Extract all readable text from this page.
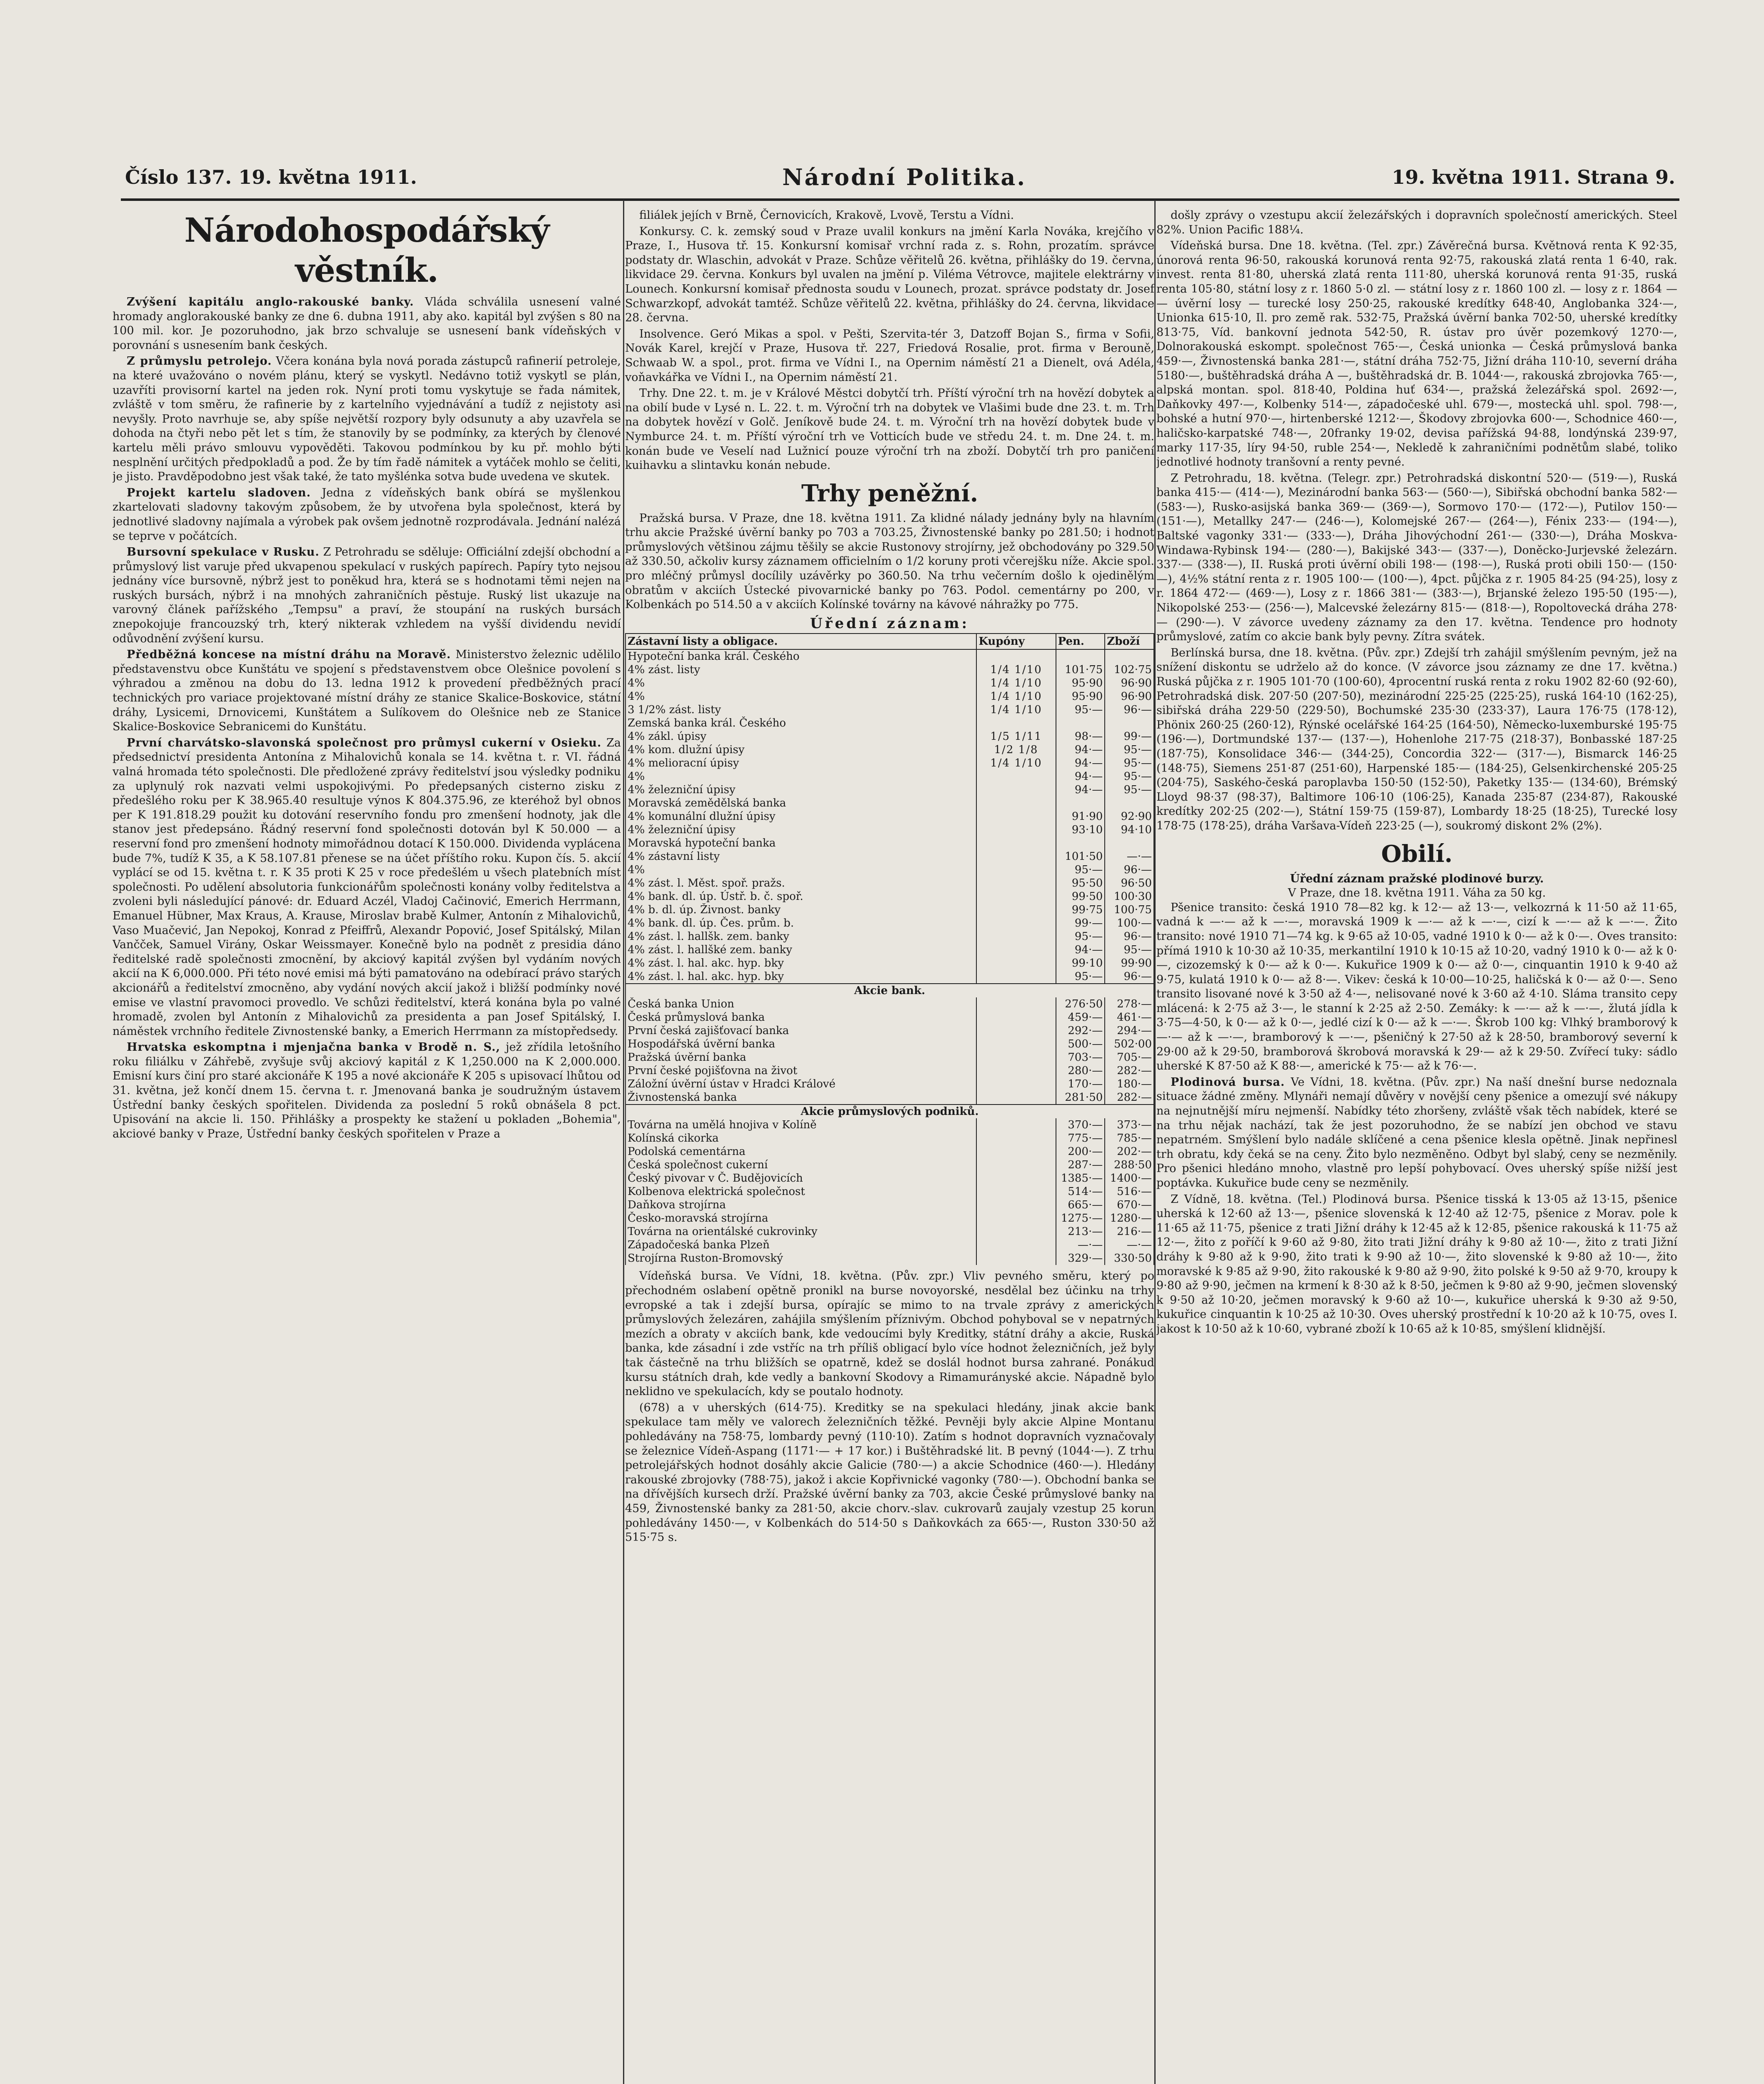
Číslo 137. 19. května 1911.	Národní Politika.	19. května 1911. Strana 9.
Národohospodářský věstník.

Zvýšení kapitálu anglo-rakouské banky. Vláda schválila usnesení valné hromady anglorakouské banky ze dne 6. dubna 1911, aby ako. kapitál byl zvýšen s 80 na 100 mil. kor. Je pozoruhodno, jak brzo schvaluje se usnesení bank vídeňských v porovnání s usnesením bank českých.

Z průmyslu petrolejo. Včera konána byla nová porada zástupců rafinerií petroleje, na které uvažováno o novém plánu, který se vyskytl. Nedávno totiž vyskytl se plán, uzavříti provisorní kartel na jeden rok. Nyní proti tomu vyskytuje se řada námitek, zvláště v tom směru, že rafinerie by z kartelního vyjednávání a tudíž z nejistoty asi nevyšly. Proto navrhuje se, aby spíše největší rozpory byly odsunuty a aby uzavřela se dohoda na čtyři nebo pět let s tím, že stanovily by se podmínky, za kterých by členové kartelu měli právo smlouvu vypověděti. Takovou podmínkou by ku př. mohlo býti nesplnění určitých předpokladů a pod. Že by tím řadě námitek a vytáček mohlo se čeliti, je jisto. Pravděpodobno jest však také, že tato myšlénka sotva bude uvedena ve skutek.

Projekt kartelu sladoven. Jedna z vídeňských bank obírá se myšlenkou zkartelovati sladovny takovým způsobem, že by utvořena byla společnost, která by jednotlivé sladovny najímala a výrobek pak ovšem jednotně rozprodávala. Jednání nalézá se teprve v počátcích.

Bursovní spekulace v Rusku. Z Petrohradu se sděluje: Officiální zdejší obchodní a průmyslový list varuje před ukvapenou spekulací v ruských papírech. Papíry tyto nejsou jednány více bursovně, nýbrž jest to poněkud hra, která se s hodnotami těmi nejen na ruských bursách, nýbrž i na mnohých zahraničních pěstuje. Ruský list ukazuje na varovný článek pařížského „Tempsu" a praví, že stoupání na ruských bursách znepokojuje francouzský trh, který nikterak vzhledem na vyšší dividendu nevidí odůvodnění zvýšení kursu.

Předběžná koncese na místní dráhu na Moravě. Ministerstvo železnic udělilo představenstvu obce Kunštátu ve spojení s představenstvem obce Olešnice povolení s výhradou a změnou na dobu do 13. ledna 1912 k provedení předběžných prací technických pro variace projektované místní dráhy ze stanice Skalice-Boskovice, státní dráhy, Lysicemi, Drnovicemi, Kunštátem a Sulíkovem do Olešnice neb ze Stanice Skalice-Boskovice Sebranicemi do Kunštátu.

První charvátsko-slavonská společnost pro průmysl cukerní v Osieku. Za předsednictví presidenta Antonína z Mihalovichů konala se 14. května t. r. VI. řádná valná hromada této společnosti. Dle předložené zprávy ředitelství jsou výsledky podniku za uplynulý rok nazvati velmi uspokojivými. Po předepsaných cisterno zisku z předešlého roku per K 38.965.40 resultuje výnos K 804.375.96, ze kteréhož byl obnos per K 191.818.29 použit ku dotování reservního fondu pro zmenšení hodnoty, jak dle stanov jest předepsáno. Řádný reservní fond společnosti dotován byl K 50.000 — a reservní fond pro zmenšení hodnoty mimořádnou dotací K 150.000. Dividenda vyplácena bude 7%, tudíž K 35, a K 58.107.81 přenese se na účet příštího roku. Kupon čís. 5. akcií vyplácí se od 15. května t. r. K 35 proti K 25 v roce předešlém u všech platebních míst společnosti. Po udělení absolutoria funkcionářům společnosti konány volby ředitelstva a zvoleni byli následující pánové: dr. Eduard Aczél, Vladoj Cačinović, Emerich Herrmann, Emanuel Hübner, Max Kraus, A. Krause, Miroslav brabě Kulmer, Antonín z Mihalovichů, Vaso Muačević, Jan Nepokoj, Konrad z Pfeiffrů, Alexandr Popović, Josef Spitálský, Milan Vančček, Samuel Virány, Oskar Weissmayer. Konečně bylo na podnět z presidia dáno ředitelské radě společnosti zmocnění, by akciový kapitál zvýšen byl vydáním nových akcií na K 6,000.000. Při této nové emisi má býti pamatováno na odebírací právo starých akcionářů a ředitelství zmocněno, aby vydání nových akcií jakož i bližší podmínky nové emise ve vlastní pravomoci provedlo. Ve schůzi ředitelství, která konána byla po valné hromadě, zvolen byl Antonín z Mihalovichů za presidenta a pan Josef Spitálský, I. náměstek vrchního ředitele Zivnostenské banky, a Emerich Herrmann za místopředsedy.

Hrvatska eskomptna i mjenjačna banka v Brodě n. S., jež zřídila letošního roku filiálku v Záhřebě, zvyšuje svůj akciový kapitál z K 1,250.000 na K 2,000.000. Emisní kurs činí pro staré akcionáře K 195 a nové akcionáře K 205 s upisovací lhůtou od 31. května, jež končí dnem 15. června t. r. Jmenovaná banka je soudružným ústavem Ústřední banky českých spořitelen. Dividenda za poslední 5 roků obnášela 8 pct. Upisování na akcie li. 150. Přihlášky a prospekty ke stažení u pokladen „Bohemia", akciové banky v Praze, Ústřední banky českých spořitelen v Praze a

filiálek jejích v Brně, Černovicích, Krakově, Lvově, Terstu a Vídni.

Konkursy. C. k. zemský soud v Praze uvalil konkurs na jmění Karla Nováka, krejčího v Praze, I., Husova tř. 15. Konkursní komisař vrchní rada z. s. Rohn, prozatím. správce podstaty dr. Wlaschin, advokát v Praze. Schůze věřitelů 26. května, přihlášky do 19. června, likvidace 29. června. Konkurs byl uvalen na jmění p. Viléma Vétrovce, majitele elektrárny v Lounech. Konkursní komisař přednosta soudu v Lounech, prozat. správce podstaty dr. Josef Schwarzkopf, advokát tamtéž. Schůze věřitelů 22. května, přihlášky do 24. června, likvidace 28. června.

Insolvence. Geró Mikas a spol. v Pešti, Szervita-tér 3, Datzoff Bojan S., firma v Sofii, Novák Karel, krejčí v Praze, Husova tř. 227, Friedová Rosalie, prot. firma v Berouně, Schwaab W. a spol., prot. firma ve Vídni I., na Opernim náměstí 21 a Dienelt, ová Adéla, voňavkářka ve Vídni I., na Opernim náměstí 21.

Trhy. Dne 22. t. m. je v Králové Městci dobytčí trh. Příští výroční trh na hovězí dobytek a na obilí bude v Lysé n. L. 22. t. m. Výroční trh na dobytek ve Vlašimi bude dne 23. t. m. Trh na dobytek hovězí v Golč. Jeníkově bude 24. t. m. Výroční trh na hovězí dobytek bude v Nymburce 24. t. m. Příští výroční trh ve Votticích bude ve středu 24. t. m. Dne 24. t. m. konán bude ve Veselí nad Lužnicí pouze výroční trh na zboží. Dobytčí trh pro paničení kuihavku a slintavku konán nebude.

Trhy peněžní.

Pražská bursa. V Praze, dne 18. května 1911. Za klidné nálady jednány byly na hlavním trhu akcie Pražské úvěrní banky po 703 a 703.25, Živnostenské banky po 281.50; i hodnot průmyslových většinou zájmu těšily se akcie Rustonovy strojírny, jež obchodovány po 329.50 až 330.50, ačkoliv kursy záznamem officielním o 1/2 koruny proti včerejšku níže. Akcie spol. pro mléčný průmysl docílily uzávěrky po 360.50. Na trhu večerním došlo k ojedinělým obratům v akciích Ústecké pivovarnické banky po 763. Podol. cementárny po 200, v Kolbenkách po 514.50 a v akciích Kolínské továrny na kávové náhražky po 775.

Úřední záznam:
Zástavní listy a obligace.	Kupóny	Pen.	Zboží
Hypoteční banka král. Českého			
4% zást. listy	1/4 1/10	101·75	102·75
4%	1/4 1/10	95·90	96·90
4%	1/4 1/10	95·90	96·90
3 1/2% zást. listy	1/4 1/10	95·—	96·—
Zemská banka král. Českého			
4% zákl. úpisy	1/5 1/11	98·—	99·—
4% kom. dlužní úpisy	1/2 1/8	94·—	95·—
4% melioracní úpisy	1/4 1/10	94·—	95·—
4%		94·—	95·—
4% železniční úpisy		94·—	95·—
Moravská zemědělská banka			
4% komunální dlužní úpisy		91·90	92·90
4% železniční úpisy		93·10	94·10
Moravská hypoteční banka			
4% zástavní listy		101·50	—·—
4%		95·—	96·—
4% zást. l. Měst. spoř. pražs.		95·50	96·50
4% bank. dl. úp. Ústř. b. č. spoř.		99·50	100·30
4% b. dl. úp. Živnost. banky		99·75	100·75
4% bank. dl. úp. Čes. prům. b.		99·—	100·—
4% zást. l. hallšk. zem. banky		95·—	96·—
4% zást. l. hallšké zem. banky		94·—	95·—
4% zást. l. hal. akc. hyp. bky		99·10	99·90
4% zást. l. hal. akc. hyp. bky		95·—	96·—
Akcie bank.			
Česká banka Union		276·50	278·—
Česká průmyslová banka		459·—	461·—
První česká zajišťovací banka		292·—	294·—
Hospodářská úvěrní banka		500·—	502·00
Pražská úvěrní banka		703·—	705·—
První české pojišťovna na život		280·—	282·—
Záložní úvěrní ústav v Hradci Králové		170·—	180·—
Živnostenská banka		281·50	282·—
Akcie průmyslových podniků.			
Továrna na umělá hnojiva v Kolíně		370·—	373·—
Kolínská cikorka		775·—	785·—
Podolská cementárna		200·—	202·—
Česká společnost cukerní		287·—	288·50
Český pivovar v Č. Budějovicích		1385·—	1400·—
Kolbenova elektrická společnost		514·—	516·—
Daňkova strojírna		665·—	670·—
Česko-moravská strojírna		1275·—	1280·—
Továrna na orientálské cukrovinky		213·—	216·—
Západočeská banka Plzeň		—·—	—·—
Strojírna Ruston-Bromovský		329·—	330·50

Vídeňská bursa. Ve Vídni, 18. května. (Pův. zpr.) Vliv pevného směru, který po přechodném oslabení opětně pronikl na burse novoyorské, nesdělal bez účinku na trhy evropské a tak i zdejší bursa, opírajíc se mimo to na trvale zprávy z amerických průmyslových železáren, zahájila smýšlením příznivým. Obchod pohyboval se v nepatrných mezích a obraty v akciích bank, kde vedoucími byly Kreditky, státní dráhy a akcie, Ruská banka, kde zásadní i zde vstříc na trh příliš obligací bylo více hodnot železničních, jež byly tak částečně na trhu bližších se opatrně, kdež se doslál hodnot bursa zahrané. Ponákud kursu státních drah, kde vedly a bankovní Skodovy a Rimamurányské akcie. Nápadně bylo neklidno ve spekulacích, kdy se poutalo hodnoty.

(678) a v uherských (614·75). Kreditky se na spekulaci hledány, jinak akcie bank spekulace tam měly ve valorech železničních těžké. Pevněji byly akcie Alpine Montanu pohledávány na 758·75, lombardy pevný (110·10). Zatím s hodnot dopravních vyznačovaly se železnice Vídeň-Aspang (1171·— + 17 kor.) i Buštěhradské lit. B pevný (1044·—). Z trhu petrolejářských hodnot dosáhly akcie Galicie (780·—) a akcie Schodnice (460·—). Hledány rakouské zbrojovky (788·75), jakož i akcie Kopřivnické vagonky (780·—). Obchodní banka se na dřívějších kursech drží. Pražské úvěrní banky za 703, akcie České průmyslové banky na 459, Živnostenské banky za 281·50, akcie chorv.-slav. cukrovarů zaujaly vzestup 25 korun pohledávány 1450·—, v Kolbenkách do 514·50 s Daňkovkách za 665·—, Ruston 330·50 až 515·75 s.

došly zprávy o vzestupu akcií železářských i dopravních společností amerických. Steel 82%. Union Pacific 188¼.

Vídeňská bursa. Dne 18. května. (Tel. zpr.) Závěrečná bursa. Květnová renta K 92·35, únorová renta 96·50, rakouská korunová renta 92·75, rakouská zlatá renta 1 6·40, rak. invest. renta 81·80, uherská zlatá renta 111·80, uherská korunová renta 91·35, ruská renta 105·80, státní losy z r. 1860 5·0 zl. — státní losy z r. 1860 100 zl. — losy z r. 1864 — — úvěrní losy — turecké losy 250·25, rakouské kredítky 648·40, Anglobanka 324·—, Unionka 615·10, Il. pro země rak. 532·75, Pražská úvěrní banka 702·50, uherské kredítky 813·75, Víd. bankovní jednota 542·50, R. ústav pro úvěr pozemkový 1270·—, Dolnorakouská eskompt. společnost 765·—, Česká unionka — Česká průmyslová banka 459·—, Živnostenská banka 281·—, státní dráha 752·75, Jižní dráha 110·10, severní dráha 5180·—, buštěhradská dráha A —, buštěhradská dr. B. 1044·—, rakouská zbrojovka 765·—, alpská montan. spol. 818·40, Poldina huť 634·—, pražská železářská spol. 2692·—, Daňkovky 497·—, Kolbenky 514·—, západočeské uhl. 679·—, mostecká uhl. spol. 798·—, bohské a hutní 970·—, hirtenberské 1212·—, Škodovy zbrojovka 600·—, Schodnice 460·—, haličsko-karpatské 748·—, 20franky 19·02, devisa pařížská 94·88, londýnská 239·97, marky 117·35, líry 94·50, ruble 254·—, Nekledě k zahraničními podnětům slabé, toliko jednotlivé hodnoty tranšovní a renty pevné.

Z Petrohradu, 18. května. (Telegr. zpr.) Petrohradská diskontní 520·— (519·—), Ruská banka 415·— (414·—), Mezinárodní banka 563·— (560·—), Sibiřská obchodní banka 582·— (583·—), Rusko-asijská banka 369·— (369·—), Sormovo 170·— (172·—), Putilov 150·— (151·—), Metallky 247·— (246·—), Kolomejské 267·— (264·—), Fénix 233·— (194·—), Baltské vagonky 331·— (333·—), Dráha Jihovýchodní 261·— (330·—), Dráha Moskva-Windawa-Rybinsk 194·— (280·—), Bakijské 343·— (337·—), Doněcko-Jurjevské železárn. 337·— (338·—), II. Ruská proti úvěrní obili 198·— (198·—), Ruská proti obili 150·— (150·—), 4½% státní renta z r. 1905 100·— (100·—), 4pct. půjčka z r. 1905 84·25 (94·25), losy z r. 1864 472·— (469·—), Losy z r. 1866 381·— (383·—), Brjanské železo 195·50 (195·—), Nikopolské 253·— (256·—), Malcevské železárny 815·— (818·—), Ropoltovecká dráha 278·— (290·—). V závorce uvedeny záznamy za den 17. května. Tendence pro hodnoty průmyslové, zatím co akcie bank byly pevny. Zítra svátek.

Berlínská bursa, dne 18. května. (Pův. zpr.) Zdejší trh zahájil smýšlením pevným, jež na snížení diskontu se udrželo až do konce. (V závorce jsou záznamy ze dne 17. května.) Ruská půjčka z r. 1905 101·70 (100·60), 4procentní ruská renta z roku 1902 82·60 (92·60), Petrohradská disk. 207·50 (207·50), mezinárodní 225·25 (225·25), ruská 164·10 (162·25), sibiřská dráha 229·50 (229·50), Bochumské 235·30 (233·37), Laura 176·75 (178·12), Phönix 260·25 (260·12), Rýnské ocelářské 164·25 (164·50), Německo-luxemburské 195·75 (196·—), Dortmundské 137·— (137·—), Hohenlohe 217·75 (218·37), Bonbasské 187·25 (187·75), Konsolidace 346·— (344·25), Concordia 322·— (317·—), Bismarck 146·25 (148·75), Siemens 251·87 (251·60), Harpenské 185·— (184·25), Gelsenkirchenské 205·25 (204·75), Saského-česká paroplavba 150·50 (152·50), Paketky 135·— (134·60), Brémský Lloyd 98·37 (98·37), Baltimore 106·10 (106·25), Kanada 235·87 (234·87), Rakouské kredítky 202·25 (202·—), Státní 159·75 (159·87), Lombardy 18·25 (18·25), Turecké losy 178·75 (178·25), dráha Varšava-Vídeň 223·25 (—), soukromý diskont 2% (2%).

Obilí.
Úřední záznam pražské plodinové burzy.
V Praze, dne 18. května 1911. Váha za 50 kg.

Pšenice transito: česká 1910 78—82 kg. k 12·— až 13·—, velkozrná k 11·50 až 11·65, vadná k —·— až k —·—, moravská 1909 k —·— až k —·—, cizí k —·— až k —·—. Žito transito: nové 1910 71—74 kg. k 9·65 až 10·05, vadné 1910 k 0·— až k 0·—. Oves transito: přímá 1910 k 10·30 až 10·35, merkantilní 1910 k 10·15 až 10·20, vadný 1910 k 0·— až k 0·—, cizozemský k 0·— až k 0·—. Kukuřice 1909 k 0·— až 0·—, cinquantin 1910 k 9·40 až 9·75, kulatá 1910 k 0·— až 8·—. Vikev: česká k 10·00—10·25, haličská k 0·— až 0·—. Seno transito lisované nové k 3·50 až 4·—, nelisované nové k 3·60 až 4·10. Sláma transito cepy mlácená: k 2·75 až 3·—, le stanní k 2·25 až 2·50. Zemáky: k —·— až k —·—, žlutá jídla k 3·75—4·50, k 0·— až k 0·—, jedlé cizí k 0·— až k —·—. Škrob 100 kg: Vlhký bramborový k —·— až k —·—, bramborový k —·—, pšeničný k 27·50 až k 28·50, bramborový severní k 29·00 až k 29·50, bramborová škrobová moravská k 29·— až k 29·50. Zvířecí tuky: sádlo uherské K 87·50 až K 88·—, americké k 75·— až k 76·—.

Plodinová bursa. Ve Vídni, 18. května. (Pův. zpr.) Na naší dnešní burse nedoznala situace žádné změny. Mlynáři nemají důvěry v novější ceny pšenice a omezují své nákupy na nejnutnější míru nejmenší. Nabídky této zhoršeny, zvláště však těch nabídek, které se na trhu nějak nachází, tak že jest pozoruhodno, že se nabízí jen obchod ve stavu nepatrném. Smýšlení bylo nadále sklíčené a cena pšenice klesla opětně. Jinak nepřinesl trh obratu, kdy čeká se na ceny. Žito bylo nezměněno. Odbyt byl slabý, ceny se nezměnily. Pro pšenici hledáno mnoho, vlastně pro lepší pohybovací. Oves uherský spíše nižší jest poptávka. Kukuřice bude ceny se nezměnily.

Z Vídně, 18. května. (Tel.) Plodinová bursa. Pšenice tisská k 13·05 až 13·15, pšenice uherská k 12·60 až 13·—, pšenice slovenská k 12·40 až 12·75, pšenice z Morav. pole k 11·65 až 11·75, pšenice z trati Jižní dráhy k 12·45 až k 12·85, pšenice rakouská k 11·75 až 12·—, žito z poříčí k 9·60 až 9·80, žito trati Jižní dráhy k 9·80 až 10·—, žito z trati Jižní dráhy k 9·80 až k 9·90, žito trati k 9·90 až 10·—, žito slovenské k 9·80 až 10·—, žito moravské k 9·85 až 9·90, žito rakouské k 9·80 až 9·90, žito polské k 9·50 až 9·70, kroupy k 9·80 až 9·90, ječmen na krmení k 8·30 až k 8·50, ječmen k 9·80 až 9·90, ječmen slovenský k 9·50 až 10·20, ječmen moravský k 9·60 až 10·—, kukuřice uherská k 9·30 až 9·50, kukuřice cinquantin k 10·25 až 10·30. Oves uherský prostřední k 10·20 až k 10·75, oves I. jakost k 10·50 až k 10·60, vybrané zboží k 10·65 až k 10·85, smýšlení klidnější.
